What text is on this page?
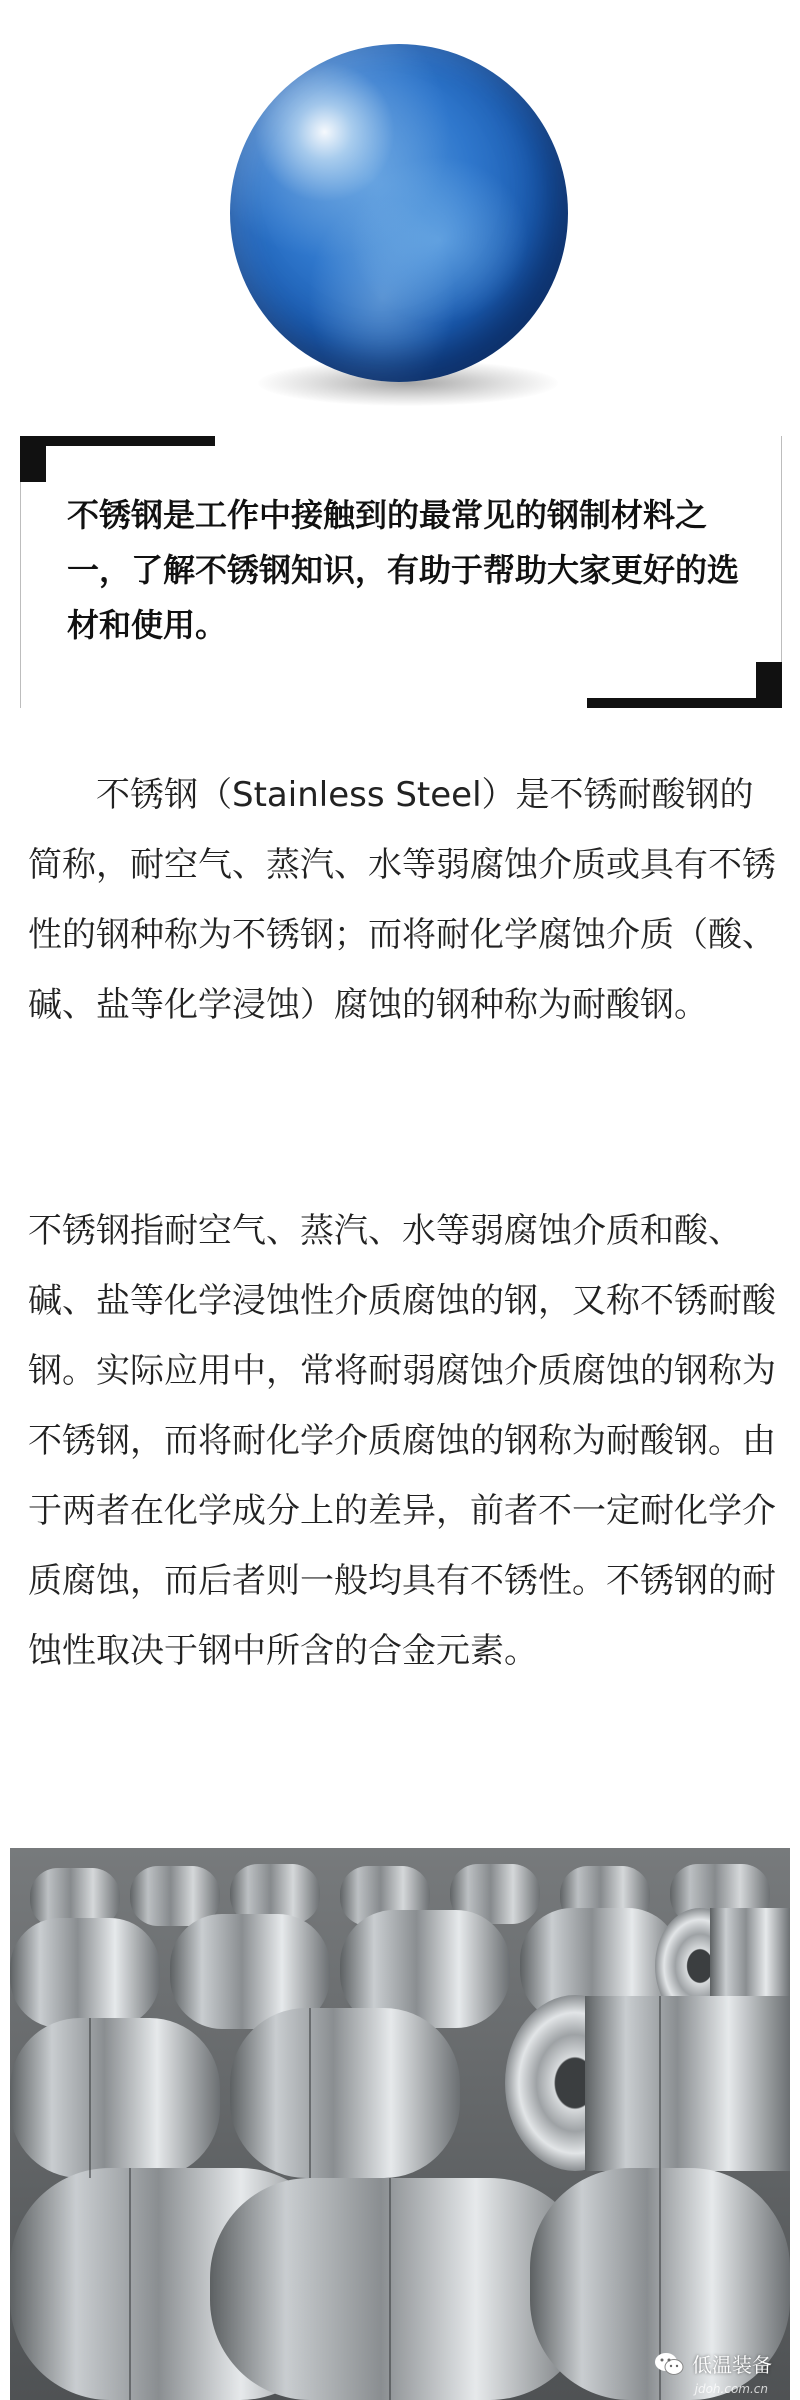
不锈钢是工作中接触到的最常见的钢制材料之一，了解不锈钢知识，有助于帮助大家更好的选材和使用。

不锈钢（Stainless Steel）是不锈耐酸钢的简称，耐空气、蒸汽、水等弱腐蚀介质或具有不锈性的钢种称为不锈钢；而将耐化学腐蚀介质（酸、碱、盐等化学浸蚀）腐蚀的钢种称为耐酸钢。

不锈钢指耐空气、蒸汽、水等弱腐蚀介质和酸、碱、盐等化学浸蚀性介质腐蚀的钢，又称不锈耐酸钢。实际应用中，常将耐弱腐蚀介质腐蚀的钢称为不锈钢，而将耐化学介质腐蚀的钢称为耐酸钢。由于两者在化学成分上的差异，前者不一定耐化学介质腐蚀，而后者则一般均具有不锈性。不锈钢的耐蚀性取决于钢中所含的合金元素。

低温装备
jdoh.com.cn
